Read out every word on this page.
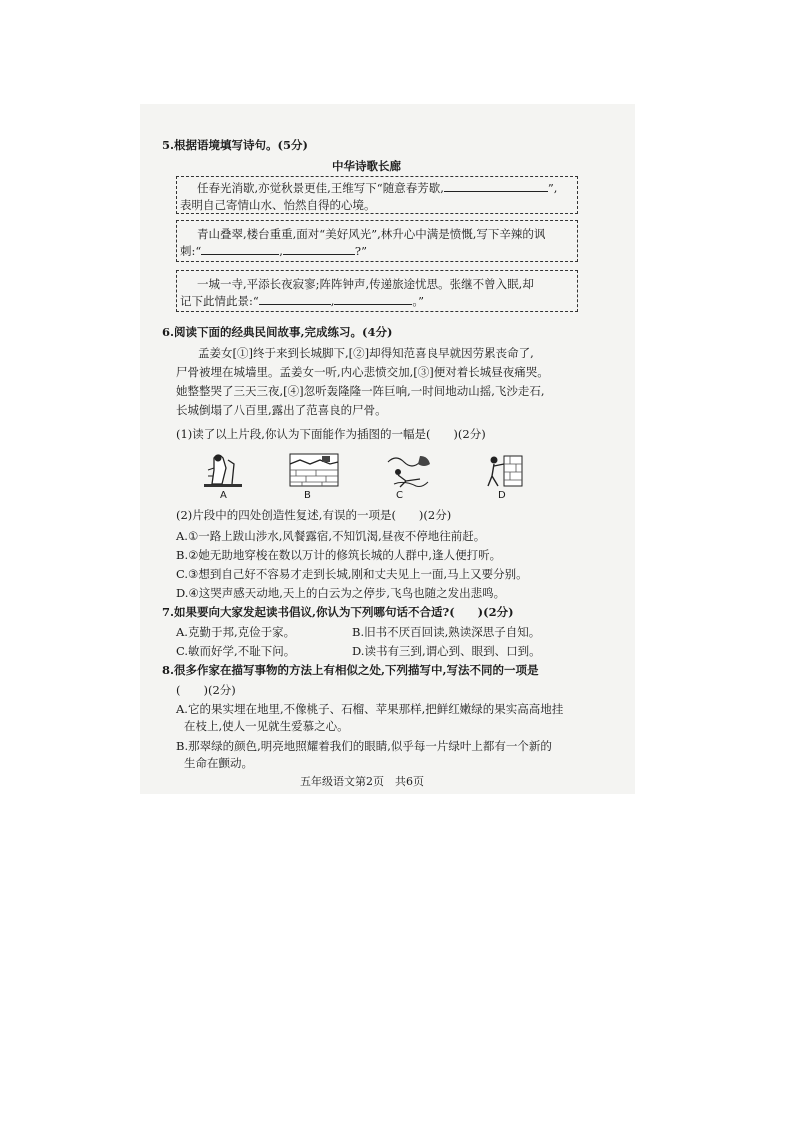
5.根据语境填写诗句。(5分)
中华诗歌长廊
任春光消歇,亦觉秋景更佳,王维写下“随意春芳歇,	”,
表明自己寄情山水、怡然自得的心境。
青山叠翠,楼台重重,面对“美好风光”,林升心中满是愤慨,写下辛辣的讽
刺:“	,	?”
一城一寺,平添长夜寂寥;阵阵钟声,传递旅途忧思。张继不曾入眠,却
记下此情此景:“	,	。”
6.阅读下面的经典民间故事,完成练习。(4分)
孟姜女[①]终于来到长城脚下,[②]却得知范喜良早就因劳累丧命了,
尸骨被埋在城墙里。孟姜女一听,内心悲愤交加,[③]便对着长城昼夜痛哭。
她整整哭了三天三夜,[④]忽听轰隆隆一阵巨响,一时间地动山摇,飞沙走石,
长城倒塌了八百里,露出了范喜良的尸骨。
(1)读了以上片段,你认为下面能作为插图的一幅是(　　)(2分)
A	B	C	D
(2)片段中的四处创造性复述,有误的一项是(　　)(2分)
A.①一路上跋山涉水,风餐露宿,不知饥渴,昼夜不停地往前赶。
B.②她无助地穿梭在数以万计的修筑长城的人群中,逢人便打听。
C.③想到自己好不容易才走到长城,刚和丈夫见上一面,马上又要分别。
D.④这哭声感天动地,天上的白云为之停步,飞鸟也随之发出悲鸣。
7.如果要向大家发起读书倡议,你认为下列哪句话不合适?(　　)(2分)
A.克勤于邦,克俭于家。	B.旧书不厌百回读,熟读深思子自知。
C.敏而好学,不耻下问。	D.读书有三到,谓心到、眼到、口到。
8.很多作家在描写事物的方法上有相似之处,下列描写中,写法不同的一项是
(　　)(2分)
A.它的果实埋在地里,不像桃子、石榴、苹果那样,把鲜红嫩绿的果实高高地挂
在枝上,使人一见就生爱慕之心。
B.那翠绿的颜色,明亮地照耀着我们的眼睛,似乎每一片绿叶上都有一个新的
生命在颤动。
五年级语文第2页　共6页
